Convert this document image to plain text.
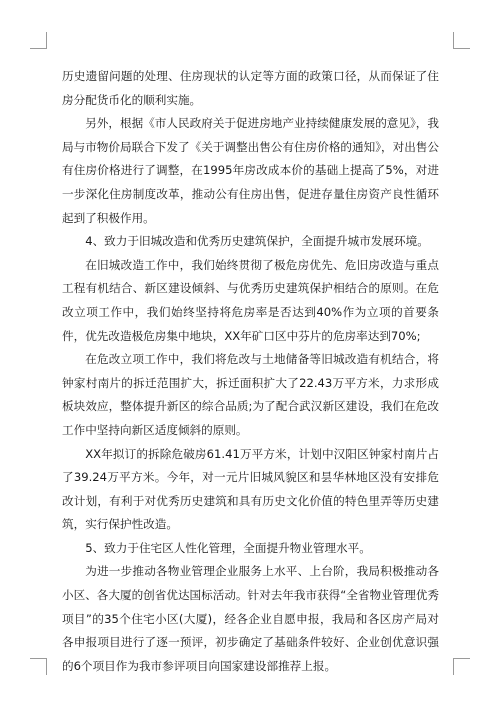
历史遗留问题的处理、住房现状的认定等方面的政策口径，从而保证了住房分配货币化的顺利实施。

另外，根据《市人民政府关于促进房地产业持续健康发展的意见》，我局与市物价局联合下发了《关于调整出售公有住房价格的通知》，对出售公有住房价格进行了调整，在1995年房改成本价的基础上提高了5%，对进一步深化住房制度改革，推动公有住房出售，促进存量住房资产良性循环起到了积极作用。

4、致力于旧城改造和优秀历史建筑保护，全面提升城市发展环境。

在旧城改造工作中，我们始终贯彻了极危房优先、危旧房改造与重点工程有机结合、新区建设倾斜、与优秀历史建筑保护相结合的原则。在危改立项工作中，我们始终坚持将危房率是否达到40%作为立项的首要条件，优先改造极危房集中地块，XX年矿口区中芬片的危房率达到70%;

在危改立项工作中，我们将危改与土地储备等旧城改造有机结合，将钟家村南片的拆迁范围扩大，拆迁面积扩大了22.43万平方米，力求形成板块效应，整体提升新区的综合品质;为了配合武汉新区建设，我们在危改工作中坚持向新区适度倾斜的原则。

XX年拟订的拆除危破房61.41万平方米，计划中汉阳区钟家村南片占了39.24万平方米。今年，对一元片旧城风貌区和昙华林地区没有安排危改计划，有利于对优秀历史建筑和具有历史文化价值的特色里弄等历史建筑，实行保护性改造。

5、致力于住宅区人性化管理，全面提升物业管理水平。

为进一步推动各物业管理企业服务上水平、上台阶，我局积极推动各小区、各大厦的创省优达国标活动。针对去年我市获得“全省物业管理优秀项目”的35个住宅小区(大厦)，经各企业自愿申报，我局和各区房产局对各申报项目进行了逐一预评，初步确定了基础条件较好、企业创优意识强的6个项目作为我市参评项目向国家建设部推荐上报。
